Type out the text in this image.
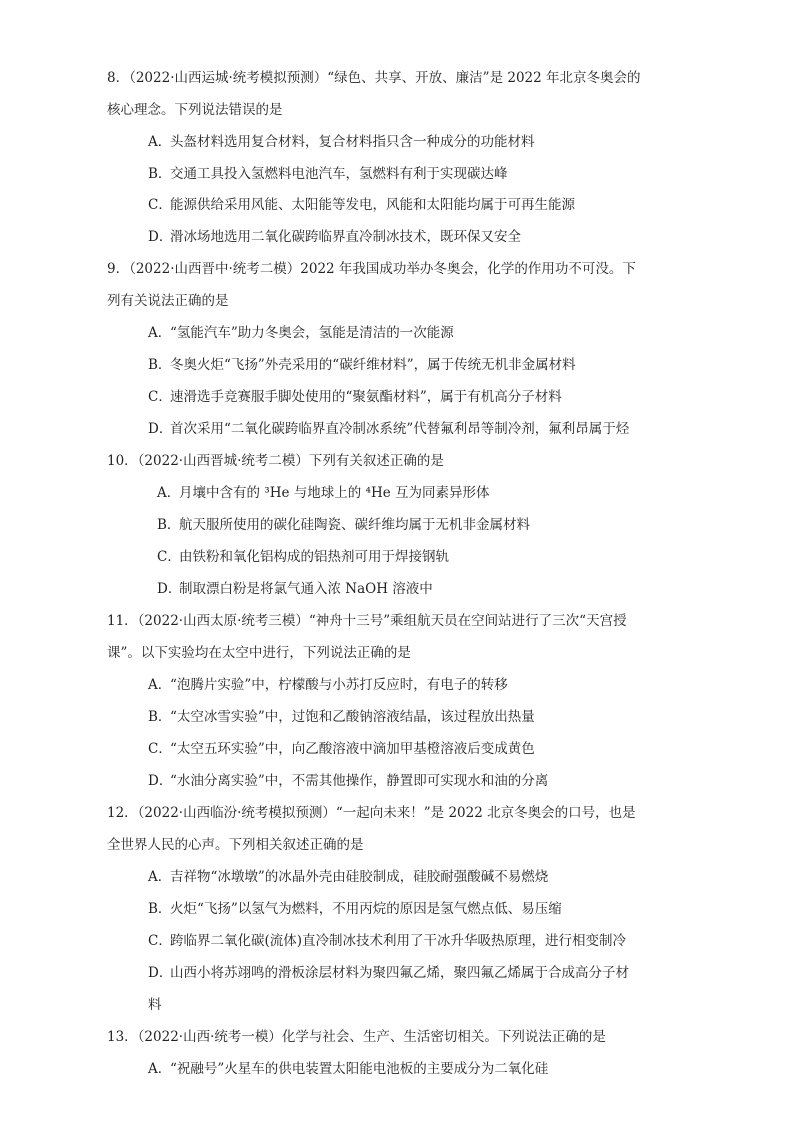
8．（2022·山西运城·统考模拟预测）“绿色、共享、开放、廉洁”是 2022 年北京冬奥会的
核心理念。下列说法错误的是
A．头盔材料选用复合材料，复合材料指只含一种成分的功能材料
B．交通工具投入氢燃料电池汽车，氢燃料有利于实现碳达峰
C．能源供给采用风能、太阳能等发电，风能和太阳能均属于可再生能源
D．滑冰场地选用二氧化碳跨临界直冷制冰技术，既环保又安全
9．（2022·山西晋中·统考二模）2022 年我国成功举办冬奥会，化学的作用功不可没。下
列有关说法正确的是
A．“氢能汽车”助力冬奥会，氢能是清洁的一次能源
B．冬奥火炬“飞扬”外壳采用的“碳纤维材料”，属于传统无机非金属材料
C．速滑选手竞赛服手脚处使用的“聚氨酯材料”，属于有机高分子材料
D．首次采用“二氧化碳跨临界直冷制冰系统”代替氟利昂等制冷剂，氟利昂属于烃
10．（2022·山西晋城·统考二模）下列有关叙述正确的是
A．月壤中含有的 ³He 与地球上的 ⁴He 互为同素异形体
B．航天服所使用的碳化硅陶瓷、碳纤维均属于无机非金属材料
C．由铁粉和氧化铝构成的铝热剂可用于焊接钢轨
D．制取漂白粉是将氯气通入浓 NaOH 溶液中
11．（2022·山西太原·统考三模）“神舟十三号”乘组航天员在空间站进行了三次“天宫授
课”。以下实验均在太空中进行，下列说法正确的是
A．“泡腾片实验”中，柠檬酸与小苏打反应时，有电子的转移
B．“太空冰雪实验”中，过饱和乙酸钠溶液结晶，该过程放出热量
C．“太空五环实验”中，向乙酸溶液中滴加甲基橙溶液后变成黄色
D．“水油分离实验”中，不需其他操作，静置即可实现水和油的分离
12．（2022·山西临汾·统考模拟预测）“一起向未来！”是 2022 北京冬奥会的口号，也是
全世界人民的心声。下列相关叙述正确的是
A．吉祥物“冰墩墩”的冰晶外壳由硅胶制成，硅胶耐强酸碱不易燃烧
B．火炬“飞扬”以氢气为燃料，不用丙烷的原因是氢气燃点低、易压缩
C．跨临界二氧化碳(流体)直冷制冰技术利用了干冰升华吸热原理，进行相变制冷
D．山西小将苏翊鸣的滑板涂层材料为聚四氟乙烯，聚四氟乙烯属于合成高分子材
料
13．（2022·山西·统考一模）化学与社会、生产、生活密切相关。下列说法正确的是
A．“祝融号”火星车的供电装置太阳能电池板的主要成分为二氧化硅
